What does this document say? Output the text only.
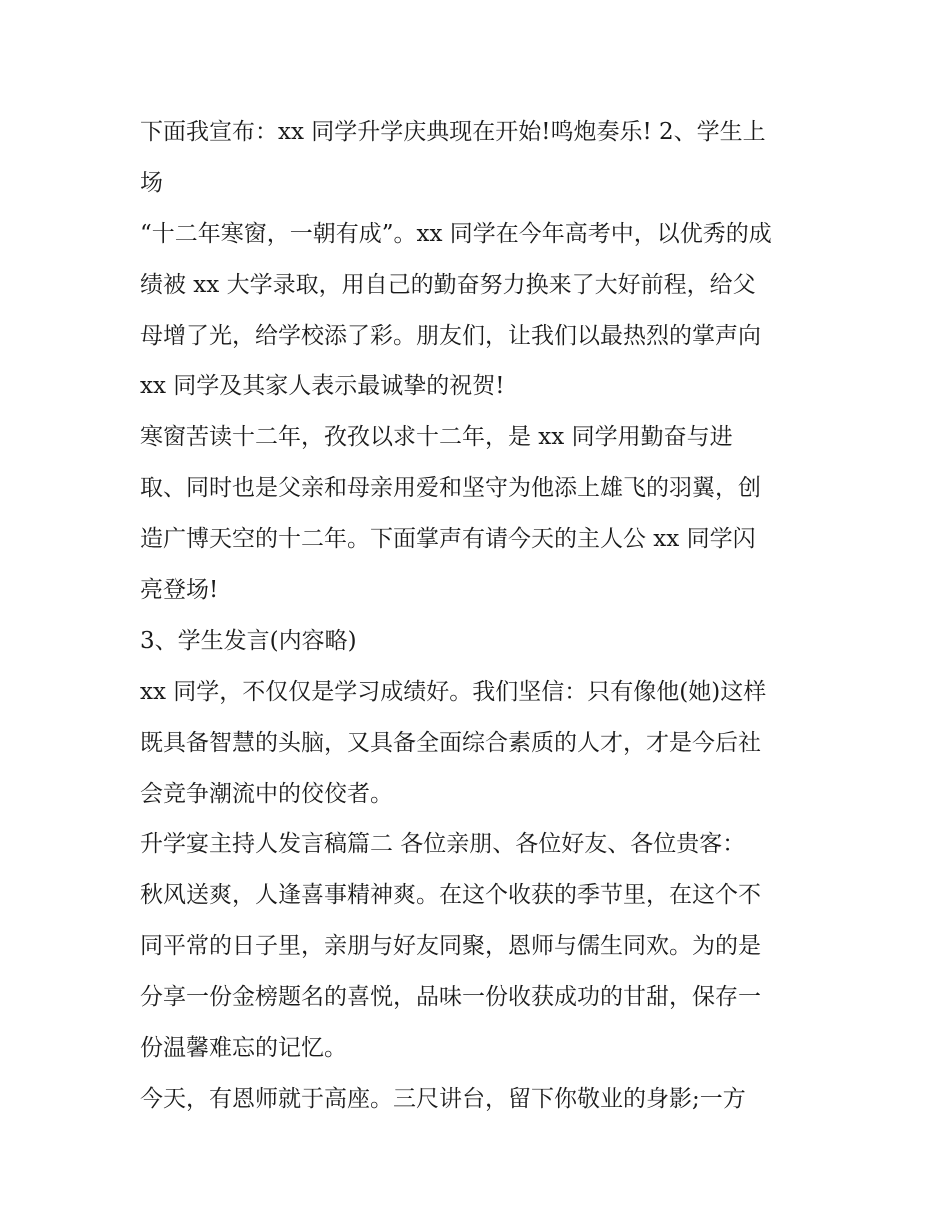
下面我宣布：xx 同学升学庆典现在开始!鸣炮奏乐! 2、学生上
场
“十二年寒窗，一朝有成”。xx 同学在今年高考中，以优秀的成
绩被 xx 大学录取，用自己的勤奋努力换来了大好前程，给父
母增了光，给学校添了彩。朋友们，让我们以最热烈的掌声向
xx 同学及其家人表示最诚挚的祝贺!
寒窗苦读十二年，孜孜以求十二年，是 xx 同学用勤奋与进
取、同时也是父亲和母亲用爱和坚守为他添上雄飞的羽翼，创
造广博天空的十二年。下面掌声有请今天的主人公 xx 同学闪
亮登场!
3、学生发言(内容略)
xx 同学，不仅仅是学习成绩好。我们坚信：只有像他(她)这样
既具备智慧的头脑，又具备全面综合素质的人才，才是今后社
会竞争潮流中的佼佼者。
升学宴主持人发言稿篇二 各位亲朋、各位好友、各位贵客：
秋风送爽，人逢喜事精神爽。在这个收获的季节里，在这个不
同平常的日子里，亲朋与好友同聚，恩师与儒生同欢。为的是
分享一份金榜题名的喜悦，品味一份收获成功的甘甜，保存一
份温馨难忘的记忆。
今天，有恩师就于高座。三尺讲台，留下你敬业的身影;一方
